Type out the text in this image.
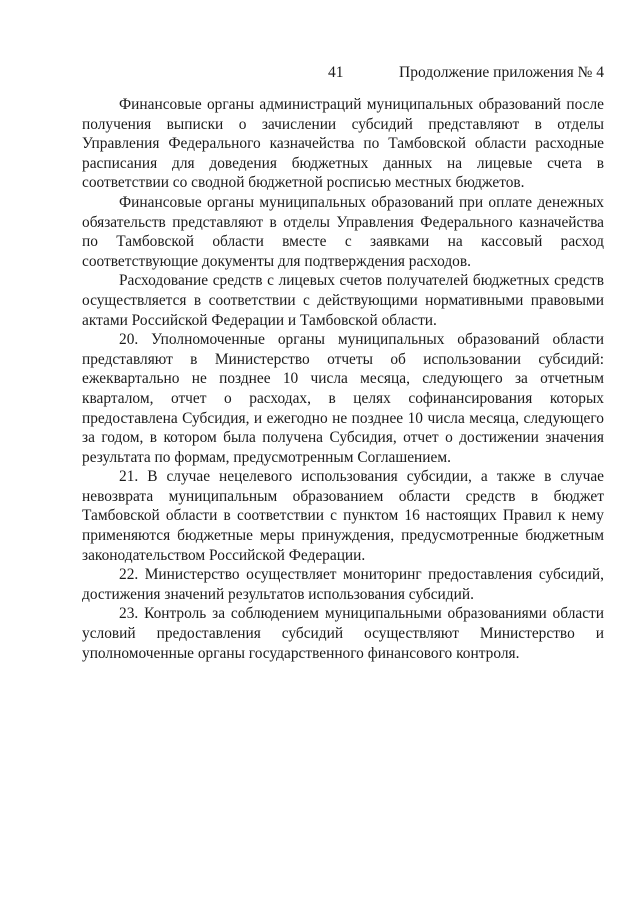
41	Продолжение приложения № 4

Финансовые органы администраций муниципальных образований после получения выписки о зачислении субсидий представляют в отделы Управления Федерального казначейства по Тамбовской области расходные расписания для доведения бюджетных данных на лицевые счета в соответствии со сводной бюджетной росписью местных бюджетов.

Финансовые органы муниципальных образований при оплате денежных обязательств представляют в отделы Управления Федерального казначейства по Тамбовской области вместе с заявками на кассовый расход соответствующие документы для подтверждения расходов.

Расходование средств с лицевых счетов получателей бюджетных средств осуществляется в соответствии с действующими нормативными правовыми актами Российской Федерации и Тамбовской области.

20. Уполномоченные органы муниципальных образований области представляют в Министерство отчеты об использовании субсидий: ежеквартально не позднее 10 числа месяца, следующего за отчетным кварталом, отчет о расходах, в целях софинансирования которых предоставлена Субсидия, и ежегодно не позднее 10 числа месяца, следующего за годом, в котором была получена Субсидия, отчет о достижении значения результата по формам, предусмотренным Соглашением.

21. В случае нецелевого использования субсидии, а также в случае невозврата муниципальным образованием области средств в бюджет Тамбовской области в соответствии с пунктом 16 настоящих Правил к нему применяются бюджетные меры принуждения, предусмотренные бюджетным законодательством Российской Федерации.

22. Министерство осуществляет мониторинг предоставления субсидий, достижения значений результатов использования субсидий.

23. Контроль за соблюдением муниципальными образованиями области условий предоставления субсидий осуществляют Министерство и уполномоченные органы государственного финансового контроля.
